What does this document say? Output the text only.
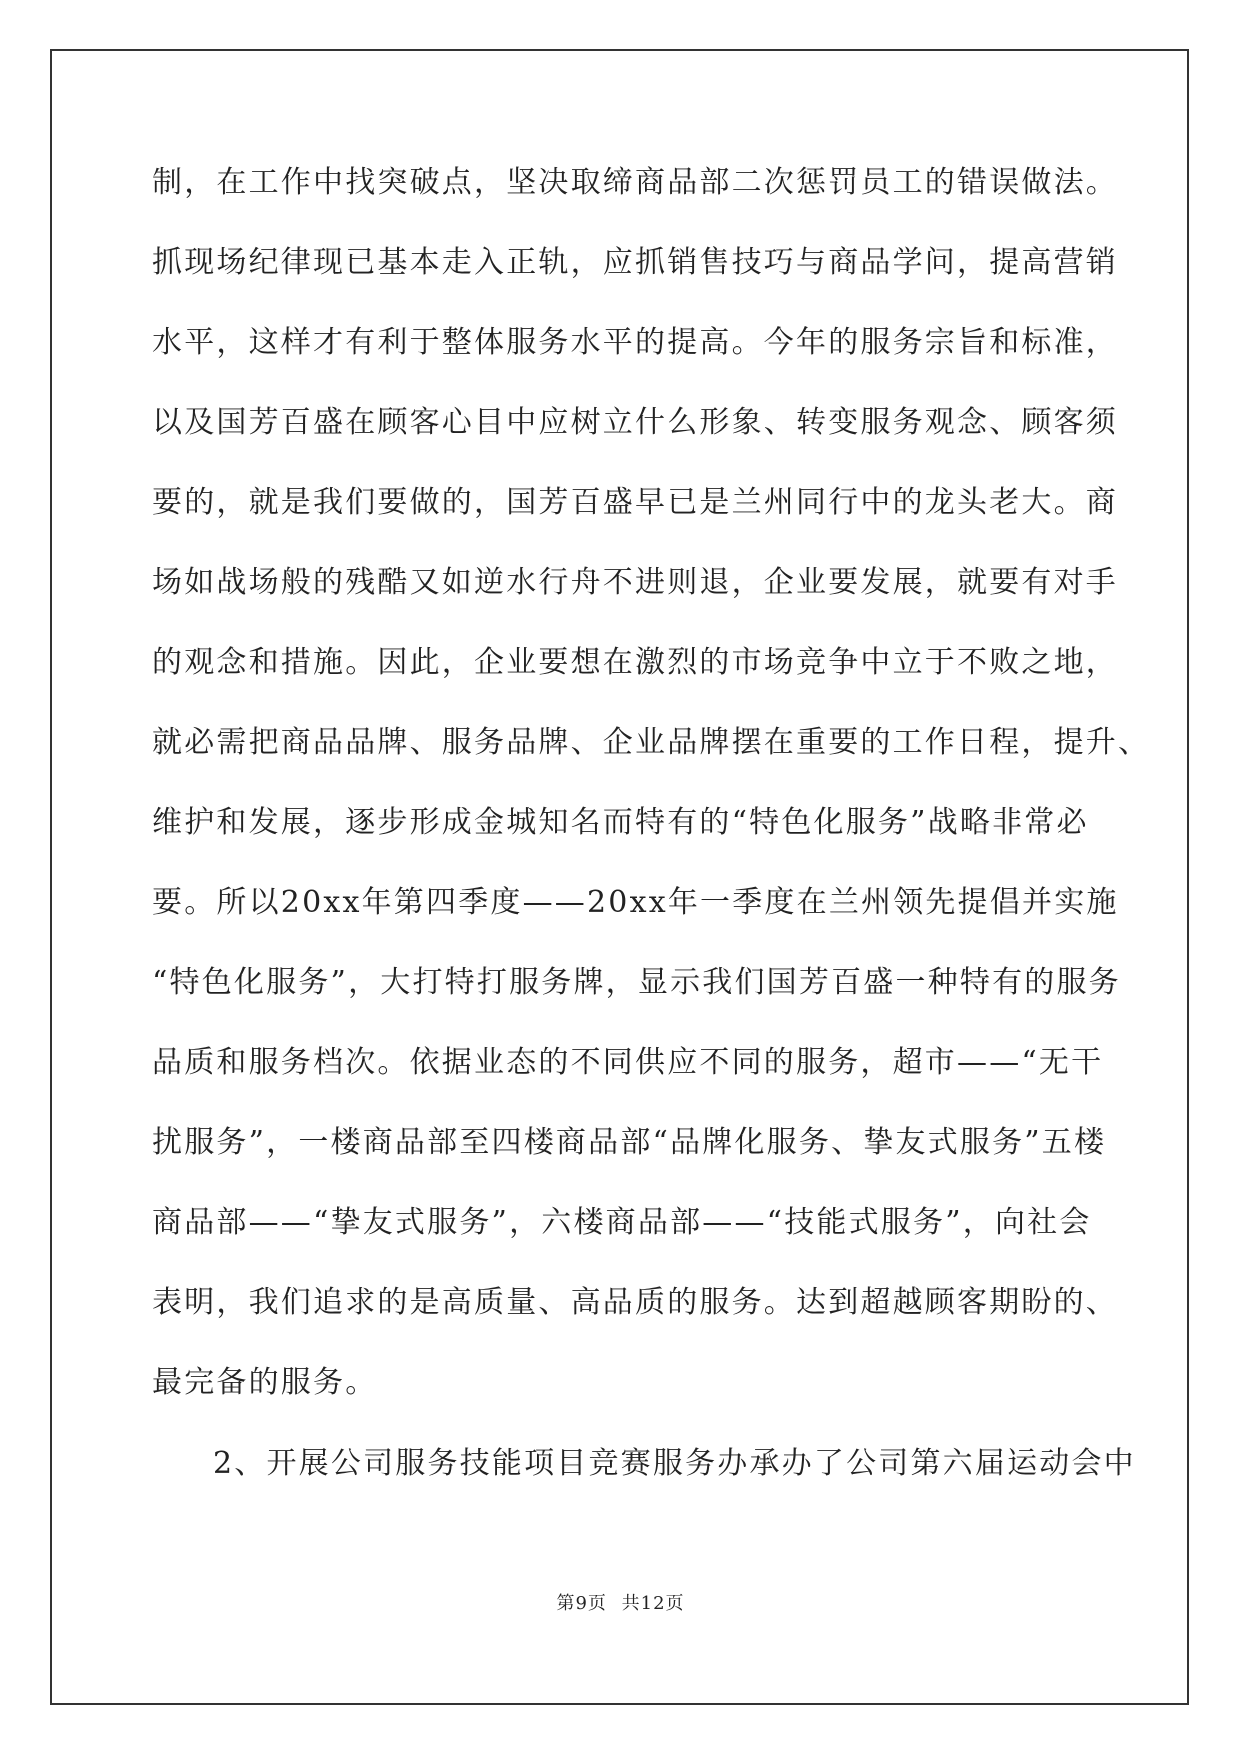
制，在工作中找突破点，坚决取缔商品部二次惩罚员工的错误做法。
抓现场纪律现已基本走入正轨，应抓销售技巧与商品学问，提高营销
水平，这样才有利于整体服务水平的提高。今年的服务宗旨和标准，
以及国芳百盛在顾客心目中应树立什么形象、转变服务观念、顾客须
要的，就是我们要做的，国芳百盛早已是兰州同行中的龙头老大。商
场如战场般的残酷又如逆水行舟不进则退，企业要发展，就要有对手
的观念和措施。因此，企业要想在激烈的市场竞争中立于不败之地，
就必需把商品品牌、服务品牌、企业品牌摆在重要的工作日程，提升、
维护和发展，逐步形成金城知名而特有的“特色化服务”战略非常必
要。所以20xx年第四季度——20xx年一季度在兰州领先提倡并实施
“特色化服务”，大打特打服务牌，显示我们国芳百盛一种特有的服务
品质和服务档次。依据业态的不同供应不同的服务，超市——“无干
扰服务”，一楼商品部至四楼商品部“品牌化服务、挚友式服务”五楼
商品部——“挚友式服务”，六楼商品部——“技能式服务”，向社会
表明，我们追求的是高质量、高品质的服务。达到超越顾客期盼的、
最完备的服务。
2、开展公司服务技能项目竞赛服务办承办了公司第六届运动会中
第9页 共12页
